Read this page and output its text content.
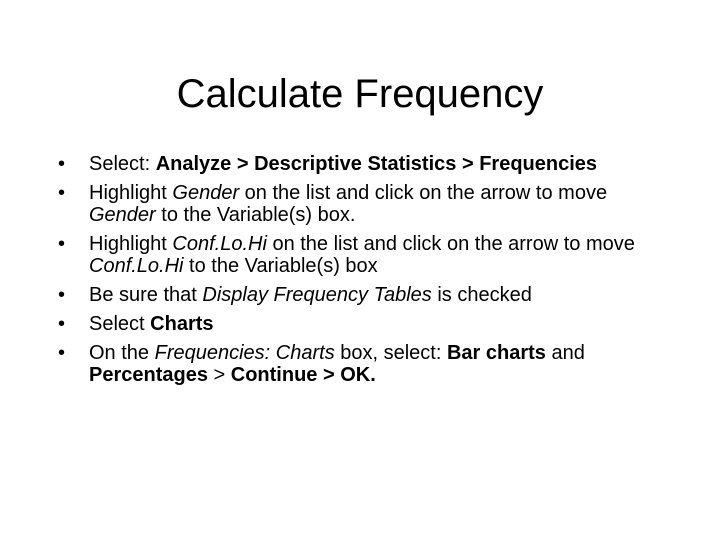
Calculate Frequency
•	Select: Analyze > Descriptive Statistics > Frequencies
•	Highlight Gender on the list and click on the arrow to move Gender to the Variable(s) box.
•	Highlight Conf.Lo.Hi on the list and click on the arrow to move Conf.Lo.Hi to the Variable(s) box
•	Be sure that Display Frequency Tables is checked
•	Select Charts
•	On the Frequencies: Charts box, select: Bar charts and Percentages > Continue > OK.
